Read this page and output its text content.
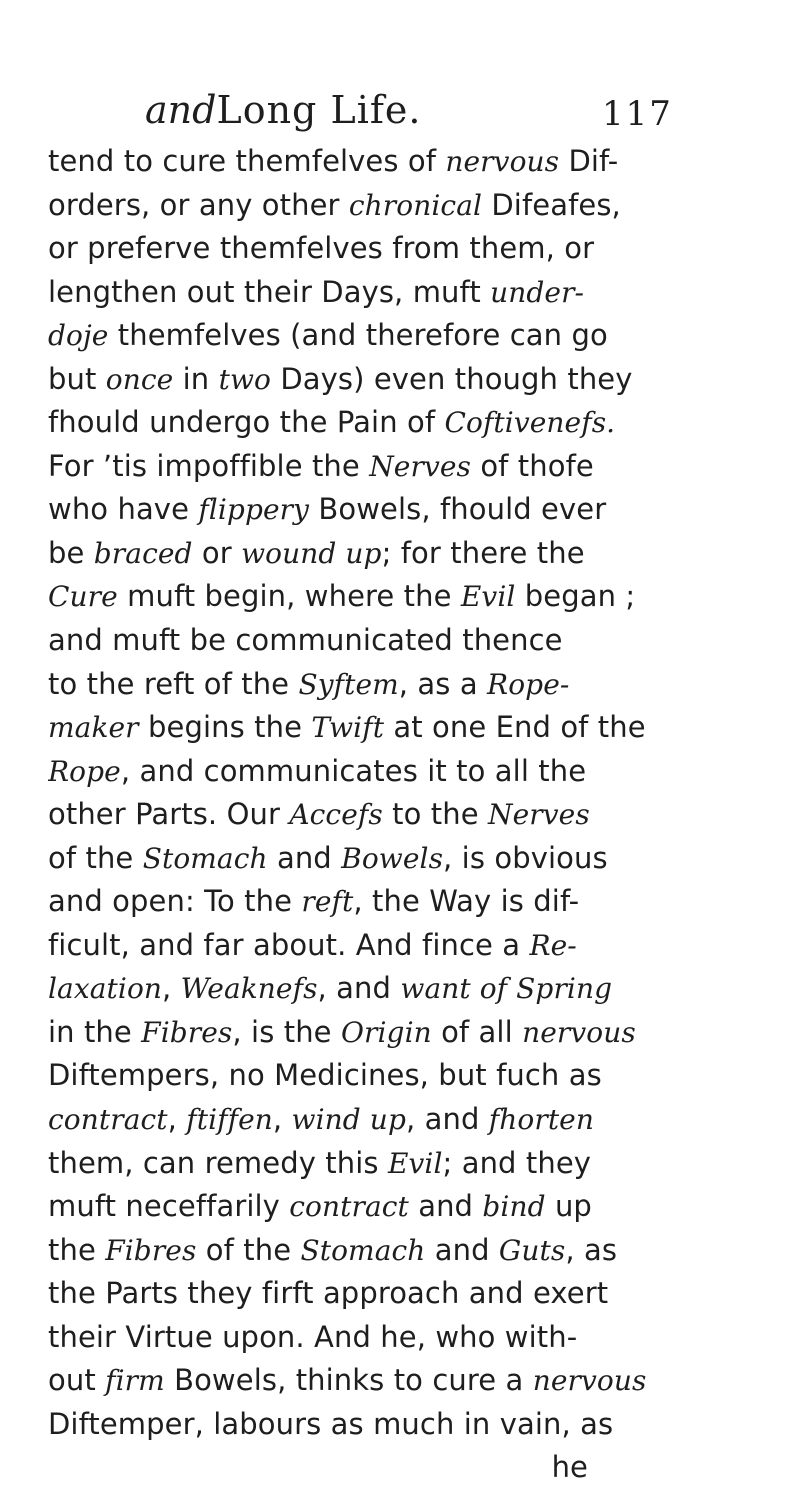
andLong Life.	117
tend to cure themfelves of nervous Dif-
orders, or any other chronical Difeafes,
or preferve themfelves from them, or
lengthen out their Days, muft under-
doje themfelves (and therefore can go
but once in two Days) even though they
fhould undergo the Pain of Coftivenefs.
For ’tis impoffible the Nerves of thofe
who have flippery Bowels, fhould ever
be braced or wound up; for there the
Cure muft begin, where the Evil began ;
and muft be communicated thence
to the reft of the Syftem, as a Rope-
maker begins the Twift at one End of the
Rope, and communicates it to all the
other Parts. Our Accefs to the Nerves
of the Stomach and Bowels, is obvious
and open: To the reft, the Way is dif-
ficult, and far about. And fince a Re-
laxation, Weaknefs, and want of Spring
in the Fibres, is the Origin of all nervous
Diftempers, no Medicines, but fuch as
contract, ftiffen, wind up, and fhorten
them, can remedy this Evil; and they
muft neceffarily contract and bind up
the Fibres of the Stomach and Guts, as
the Parts they firft approach and exert
their Virtue upon. And he, who with-
out firm Bowels, thinks to cure a nervous
Diftemper, labours as much in vain, as
he
